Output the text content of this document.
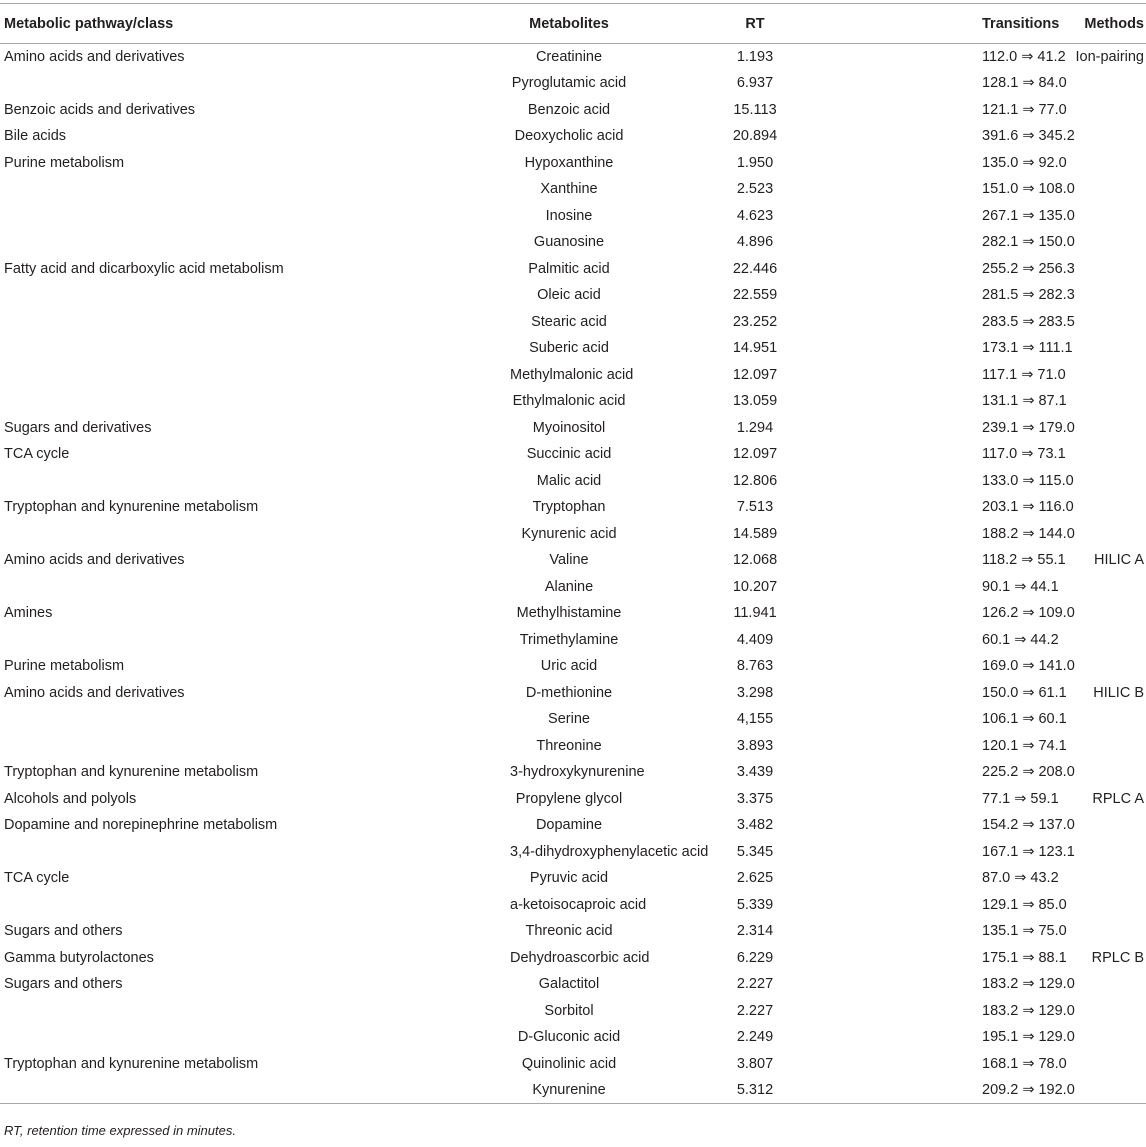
Metabolic pathway/class	Metabolites	RT	Transitions	Methods
Amino acids and derivatives	Creatinine	1.193	112.0 ⇒ 41.2	Ion-pairing
	Pyroglutamic acid	6.937	128.1 ⇒ 84.0	
Benzoic acids and derivatives	Benzoic acid	15.113	121.1 ⇒ 77.0	
Bile acids	Deoxycholic acid	20.894	391.6 ⇒ 345.2	
Purine metabolism	Hypoxanthine	1.950	135.0 ⇒ 92.0	
	Xanthine	2.523	151.0 ⇒ 108.0	
	Inosine	4.623	267.1 ⇒ 135.0	
	Guanosine	4.896	282.1 ⇒ 150.0	
Fatty acid and dicarboxylic acid metabolism	Palmitic acid	22.446	255.2 ⇒ 256.3	
	Oleic acid	22.559	281.5 ⇒ 282.3	
	Stearic acid	23.252	283.5 ⇒ 283.5	
	Suberic acid	14.951	173.1 ⇒ 111.1	
	Methylmalonic acid	12.097	117.1 ⇒ 71.0	
	Ethylmalonic acid	13.059	131.1 ⇒ 87.1	
Sugars and derivatives	Myoinositol	1.294	239.1 ⇒ 179.0	
TCA cycle	Succinic acid	12.097	117.0 ⇒ 73.1	
	Malic acid	12.806	133.0 ⇒ 115.0	
Tryptophan and kynurenine metabolism	Tryptophan	7.513	203.1 ⇒ 116.0	
	Kynurenic acid	14.589	188.2 ⇒ 144.0	
Amino acids and derivatives	Valine	12.068	118.2 ⇒ 55.1	HILIC A
	Alanine	10.207	90.1 ⇒ 44.1	
Amines	Methylhistamine	11.941	126.2 ⇒ 109.0	
	Trimethylamine	4.409	60.1 ⇒ 44.2	
Purine metabolism	Uric acid	8.763	169.0 ⇒ 141.0	
Amino acids and derivatives	D-methionine	3.298	150.0 ⇒ 61.1	HILIC B
	Serine	4,155	106.1 ⇒ 60.1	
	Threonine	3.893	120.1 ⇒ 74.1	
Tryptophan and kynurenine metabolism	3-hydroxykynurenine	3.439	225.2 ⇒ 208.0	
Alcohols and polyols	Propylene glycol	3.375	77.1 ⇒ 59.1	RPLC A
Dopamine and norepinephrine metabolism	Dopamine	3.482	154.2 ⇒ 137.0	
	3,4-dihydroxyphenylacetic acid	5.345	167.1 ⇒ 123.1	
TCA cycle	Pyruvic acid	2.625	87.0 ⇒ 43.2	
	a-ketoisocaproic acid	5.339	129.1 ⇒ 85.0	
Sugars and others	Threonic acid	2.314	135.1 ⇒ 75.0	
Gamma butyrolactones	Dehydroascorbic acid	6.229	175.1 ⇒ 88.1	RPLC B
Sugars and others	Galactitol	2.227	183.2 ⇒ 129.0	
	Sorbitol	2.227	183.2 ⇒ 129.0	
	D-Gluconic acid	2.249	195.1 ⇒ 129.0	
Tryptophan and kynurenine metabolism	Quinolinic acid	3.807	168.1 ⇒ 78.0	
	Kynurenine	5.312	209.2 ⇒ 192.0	
RT, retention time expressed in minutes.
